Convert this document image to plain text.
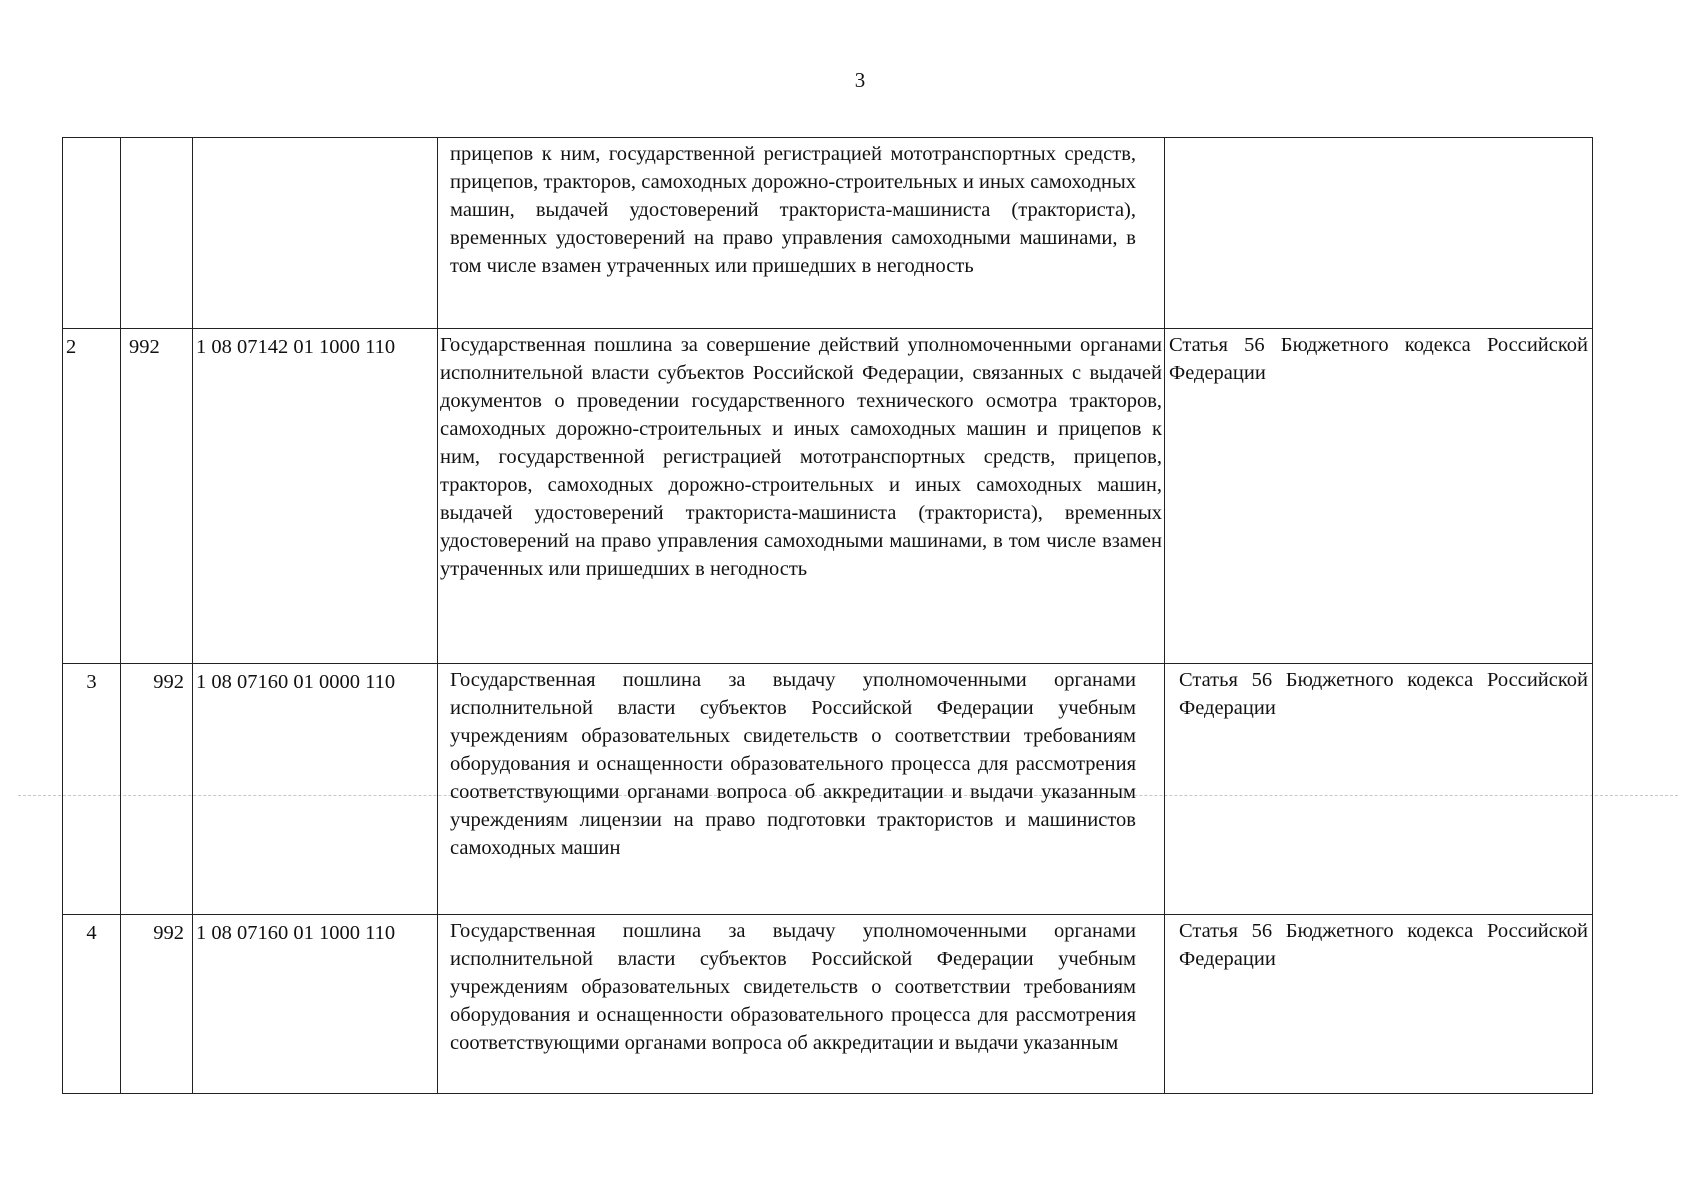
3
			прицепов к ним, государственной регистрацией мототранспортных средств, прицепов, тракторов, самоходных дорожно-строительных и иных самоходных машин, выдачей удостоверений тракториста-машиниста (тракториста), временных удостоверений на право управления самоходными машинами, в том числе взамен утраченных или пришедших в негодность	
2	992	1 08 07142 01 1000 110	Государственная пошлина за совершение действий уполномоченными органами исполнительной власти субъектов Российской Федерации, связанных с выдачей документов о проведении государственного технического осмотра тракторов, самоходных дорожно-строительных и иных самоходных машин и прицепов к ним, государственной регистрацией мототранспортных средств, прицепов, тракторов, самоходных дорожно-строительных и иных самоходных машин, выдачей удостоверений тракториста-машиниста (тракториста), временных удостоверений на право управления самоходными машинами, в том числе взамен утраченных или пришедших в негодность	Статья 56 Бюджетного кодекса Российской Федерации
3	992	1 08 07160 01 0000 110	Государственная пошлина за выдачу уполномоченными органами исполнительной власти субъектов Российской Федерации учебным учреждениям образовательных свидетельств о соответствии требованиям оборудования и оснащенности образовательного процесса для рассмотрения соответствующими органами вопроса об аккредитации и выдачи указанным учреждениям лицензии на право подготовки трактористов и машинистов самоходных машин	Статья 56 Бюджетного кодекса Российской Федерации
4	992	1 08 07160 01 1000 110	Государственная пошлина за выдачу уполномоченными органами исполнительной власти субъектов Российской Федерации учебным учреждениям образовательных свидетельств о соответствии требованиям оборудования и оснащенности образовательного процесса для рассмотрения соответствующими органами вопроса об аккредитации и выдачи указанным	Статья 56 Бюджетного кодекса Российской Федерации
